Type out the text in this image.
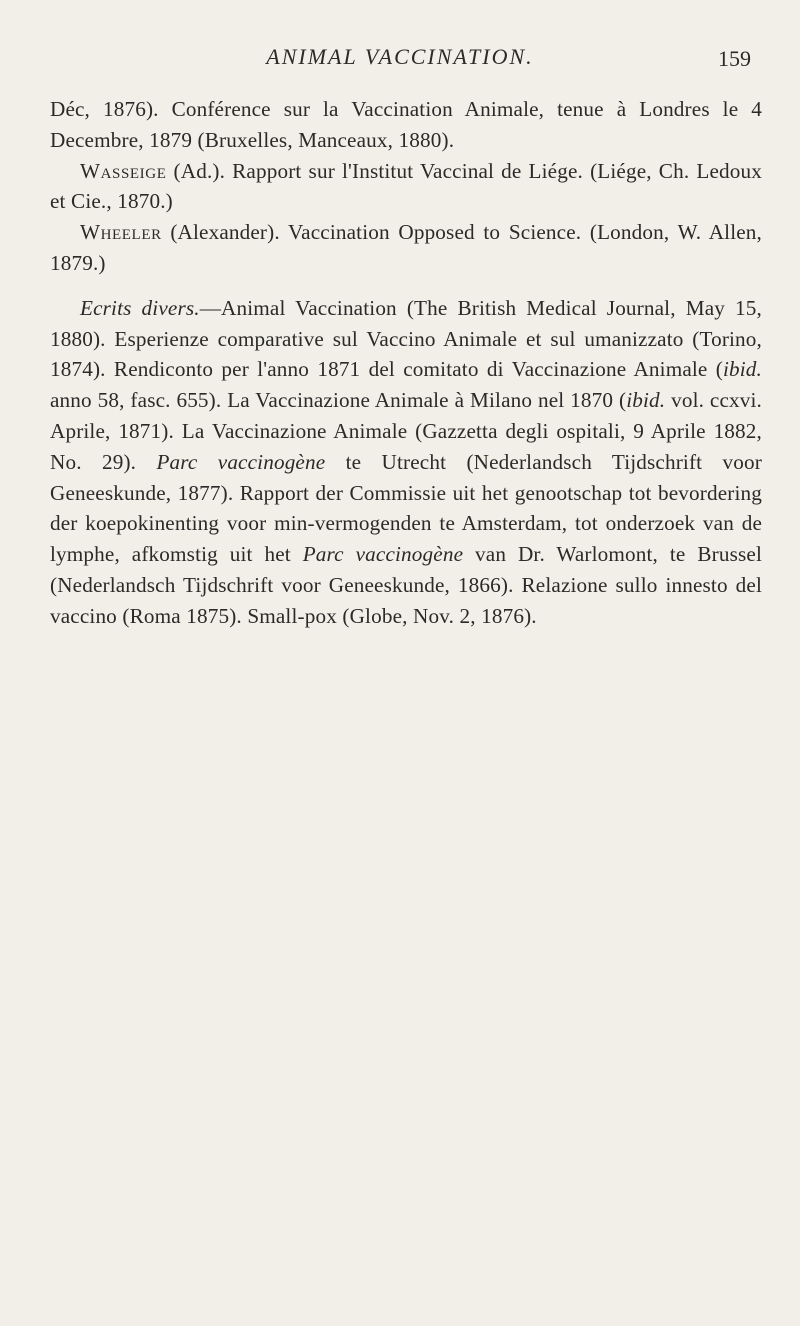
ANIMAL VACCINATION.	159

Déc, 1876). Conférence sur la Vaccination Animale, tenue à Londres le 4 Decembre, 1879 (Bruxelles, Manceaux, 1880).

Wasseige (Ad.). Rapport sur l'Institut Vaccinal de Liége. (Liége, Ch. Ledoux et Cie., 1870.)

Wheeler (Alexander). Vaccination Opposed to Science. (London, W. Allen, 1879.)

Ecrits divers.—Animal Vaccination (The British Medical Journal, May 15, 1880). Esperienze comparative sul Vaccino Animale et sul umanizzato (Torino, 1874). Rendiconto per l'anno 1871 del comitato di Vaccinazione Animale (ibid. anno 58, fasc. 655). La Vaccinazione Animale à Milano nel 1870 (ibid. vol. ccxvi. Aprile, 1871). La Vaccinazione Animale (Gazzetta degli ospitali, 9 Aprile 1882, No. 29). Parc vaccinogène te Utrecht (Nederlandsch Tijdschrift voor Geneeskunde, 1877). Rapport der Commissie uit het genootschap tot bevordering der koepokinenting voor min-vermogenden te Amsterdam, tot onderzoek van de lymphe, afkomstig uit het Parc vaccinogène van Dr. Warlomont, te Brussel (Nederlandsch Tijdschrift voor Geneeskunde, 1866). Relazione sullo innesto del vaccino (Roma 1875). Small-pox (Globe, Nov. 2, 1876).
